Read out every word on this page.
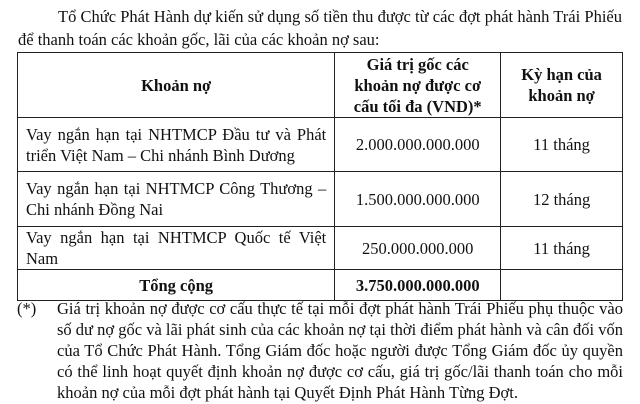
Tổ Chức Phát Hành dự kiến sử dụng số tiền thu được từ các đợt phát hành Trái Phiếu để thanh toán các khoản gốc, lãi của các khoản nợ sau:

Khoản nợ	Giá trị gốc các khoản nợ được cơ cấu tối đa (VND)*	Kỳ hạn của khoản nợ
Vay ngắn hạn tại NHTMCP Đầu tư và Phát triển Việt Nam – Chi nhánh Bình Dương	2.000.000.000.000	11 tháng
Vay ngắn hạn tại NHTMCP Công Thương – Chi nhánh Đồng Nai	1.500.000.000.000	12 tháng
Vay ngắn hạn tại NHTMCP Quốc tế Việt Nam	250.000.000.000	11 tháng
Tổng cộng	3.750.000.000.000	
(*) Giá trị khoản nợ được cơ cấu thực tế tại mỗi đợt phát hành Trái Phiếu phụ thuộc vào số dư nợ gốc và lãi phát sinh của các khoản nợ tại thời điểm phát hành và cân đối vốn của Tổ Chức Phát Hành. Tổng Giám đốc hoặc người được Tổng Giám đốc ủy quyền có thể linh hoạt quyết định khoản nợ được cơ cấu, giá trị gốc/lãi thanh toán cho mỗi khoản nợ của mỗi đợt phát hành tại Quyết Định Phát Hành Từng Đợt.
